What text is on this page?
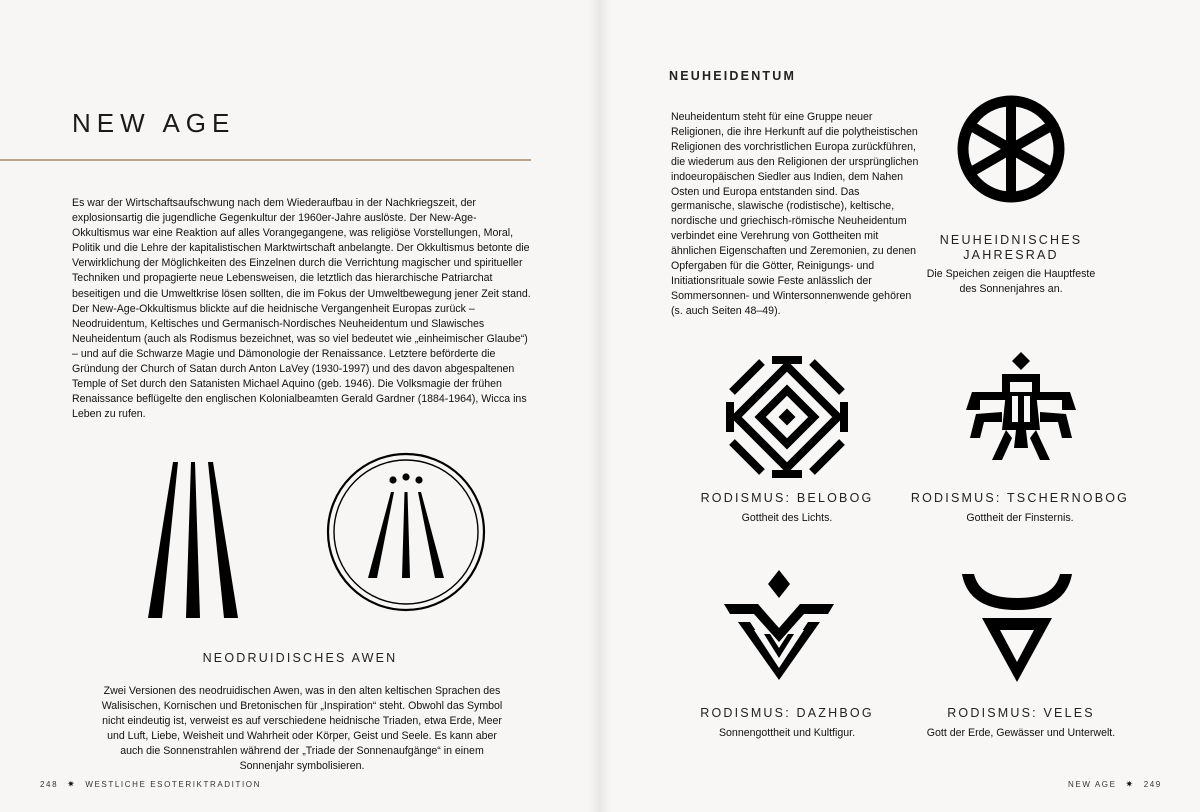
NEW AGE

Es war der Wirtschaftsaufschwung nach dem Wiederaufbau in der Nachkriegszeit, der explosionsartig die jugendliche Gegenkultur der 1960er-Jahre auslöste. Der New-Age-Okkultismus war eine Reaktion auf alles Vorangegangene, was religiöse Vorstellungen, Moral, Politik und die Lehre der kapitalistischen Marktwirtschaft anbelangte. Der Okkultismus betonte die Verwirklichung der Möglichkeiten des Einzelnen durch die Verrichtung magischer und spiritueller Techniken und propagierte neue Lebensweisen, die letztlich das hierarchische Patriarchat beseitigen und die Umweltkrise lösen sollten, die im Fokus der Umweltbewegung jener Zeit stand. Der New-Age-Okkultismus blickte auf die heidnische Vergangenheit Europas zurück – Neodruidentum, Keltisches und Germanisch-Nordisches Neuheidentum und Slawisches Neuheidentum (auch als Rodismus bezeichnet, was so viel bedeutet wie „einheimischer Glaube“) – und auf die Schwarze Magie und Dämonologie der Renaissance. Letztere beförderte die Gründung der Church of Satan durch Anton LaVey (1930-1997) und des davon abgespaltenen Temple of Set durch den Satanisten Michael Aquino (geb. 1946). Die Volksmagie der frühen Renaissance beflügelte den englischen Kolonialbeamten Gerald Gardner (1884-1964), Wicca ins Leben zu rufen.

NEODRUIDISCHES AWEN

Zwei Versionen des neodruidischen Awen, was in den alten keltischen Sprachen des Walisischen, Kornischen und Bretonischen für „Inspiration“ steht. Obwohl das Symbol nicht eindeutig ist, verweist es auf verschiedene heidnische Triaden, etwa Erde, Meer und Luft, Liebe, Weisheit und Wahrheit oder Körper, Geist und Seele. Es kann aber auch die Sonnenstrahlen während der „Triade der Sonnenaufgänge“ in einem Sonnenjahr symbolisieren.

248 ✷ WESTLICHE ESOTERIKTRADITION
NEUHEIDENTUM

Neuheidentum steht für eine Gruppe neuer Religionen, die ihre Herkunft auf die polytheistischen Religionen des vorchristlichen Europa zurückführen, die wiederum aus den Religionen der ursprünglichen indoeuropäischen Siedler aus Indien, dem Nahen Osten und Europa entstanden sind. Das germanische, slawische (rodistische), keltische, nordische und griechisch-römische Neuheidentum verbindet eine Verehrung von Gottheiten mit ähnlichen Eigenschaften und Zeremonien, zu denen Opfergaben für die Götter, Reinigungs- und Initiationsrituale sowie Feste anlässlich der Sommersonnen- und Wintersonnenwende gehören (s. auch Seiten 48–49).

NEUHEIDNISCHES
JAHRESRAD

Die Speichen zeigen die Hauptfeste des Sonnenjahres an.

RODISMUS: BELOBOG

Gottheit des Lichts.

RODISMUS: TSCHERNOBOG

Gottheit der Finsternis.

RODISMUS: DAZHBOG

Sonnengottheit und Kultfigur.

RODISMUS: VELES

Gott der Erde, Gewässer und Unterwelt.

NEW AGE ✷ 249
